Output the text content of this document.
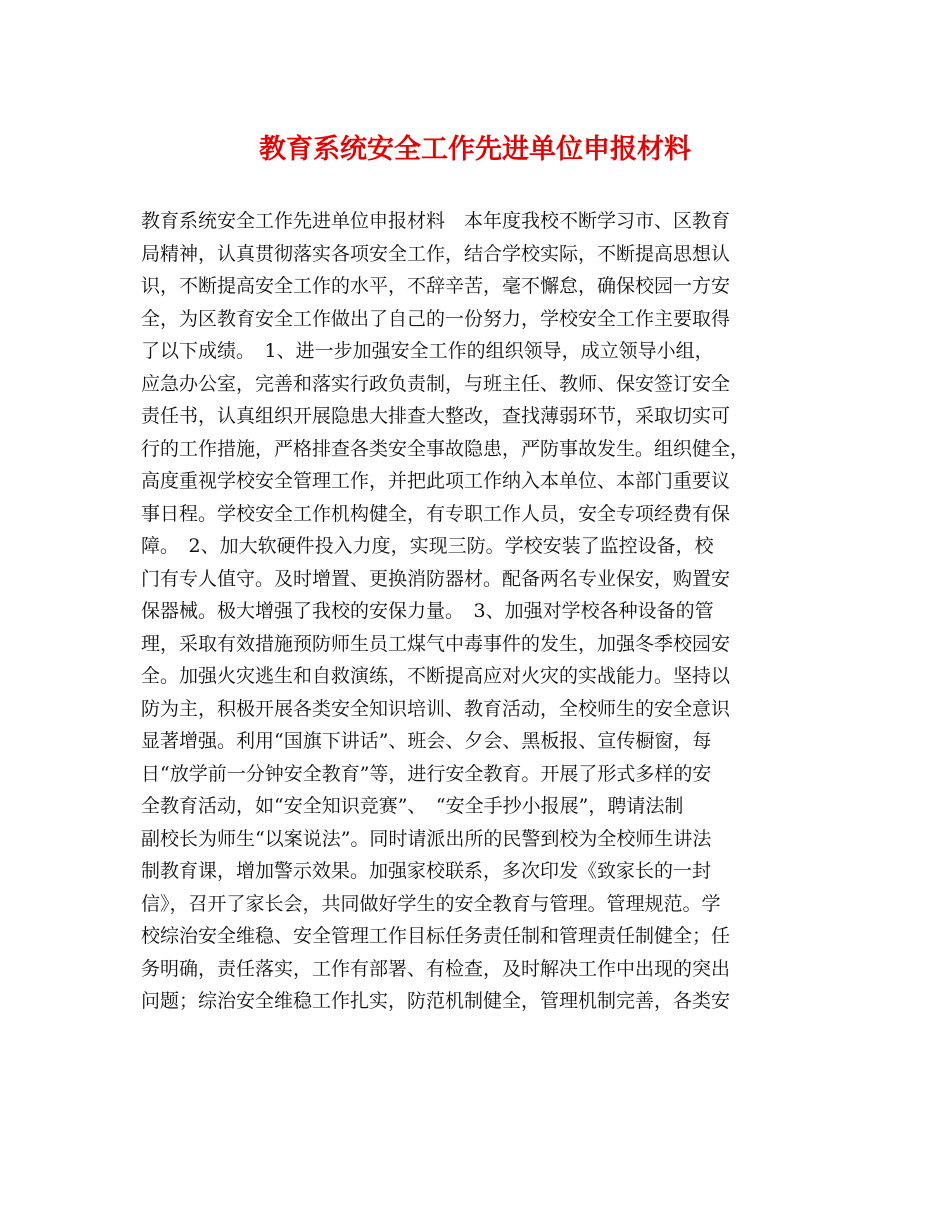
教育系统安全工作先进单位申报材料
教育系统安全工作先进单位申报材料　本年度我校不断学习市、区教育
局精神，认真贯彻落实各项安全工作，结合学校实际，不断提高思想认
识，不断提高安全工作的水平，不辞辛苦，毫不懈怠，确保校园一方安
全，为区教育安全工作做出了自己的一份努力，学校安全工作主要取得
了以下成绩。　1、进一步加强安全工作的组织领导，成立领导小组，
应急办公室，完善和落实行政负责制，与班主任、教师、保安签订安全
责任书，认真组织开展隐患大排查大整改，查找薄弱环节，采取切实可
行的工作措施，严格排查各类安全事故隐患，严防事故发生。组织健全，
高度重视学校安全管理工作，并把此项工作纳入本单位、本部门重要议
事日程。学校安全工作机构健全，有专职工作人员，安全专项经费有保
障。　2、加大软硬件投入力度，实现三防。学校安装了监控设备，校
门有专人值守。及时增置、更换消防器材。配备两名专业保安，购置安
保器械。极大增强了我校的安保力量。　3、加强对学校各种设备的管
理，采取有效措施预防师生员工煤气中毒事件的发生，加强冬季校园安
全。加强火灾逃生和自救演练，不断提高应对火灾的实战能力。坚持以
防为主，积极开展各类安全知识培训、教育活动，全校师生的安全意识
显著增强。利用“国旗下讲话”、班会、夕会、黑板报、宣传橱窗，每
日“放学前一分钟安全教育”等，进行安全教育。开展了形式多样的安
全教育活动，如“安全知识竞赛”、　“安全手抄小报展”，聘请法制
副校长为师生“以案说法”。同时请派出所的民警到校为全校师生讲法
制教育课，增加警示效果。加强家校联系，多次印发《致家长的一封
信》，召开了家长会，共同做好学生的安全教育与管理。管理规范。学
校综治安全维稳、安全管理工作目标任务责任制和管理责任制健全；任
务明确，责任落实，工作有部署、有检查，及时解决工作中出现的突出
问题；综治安全维稳工作扎实，防范机制健全，管理机制完善，各类安
